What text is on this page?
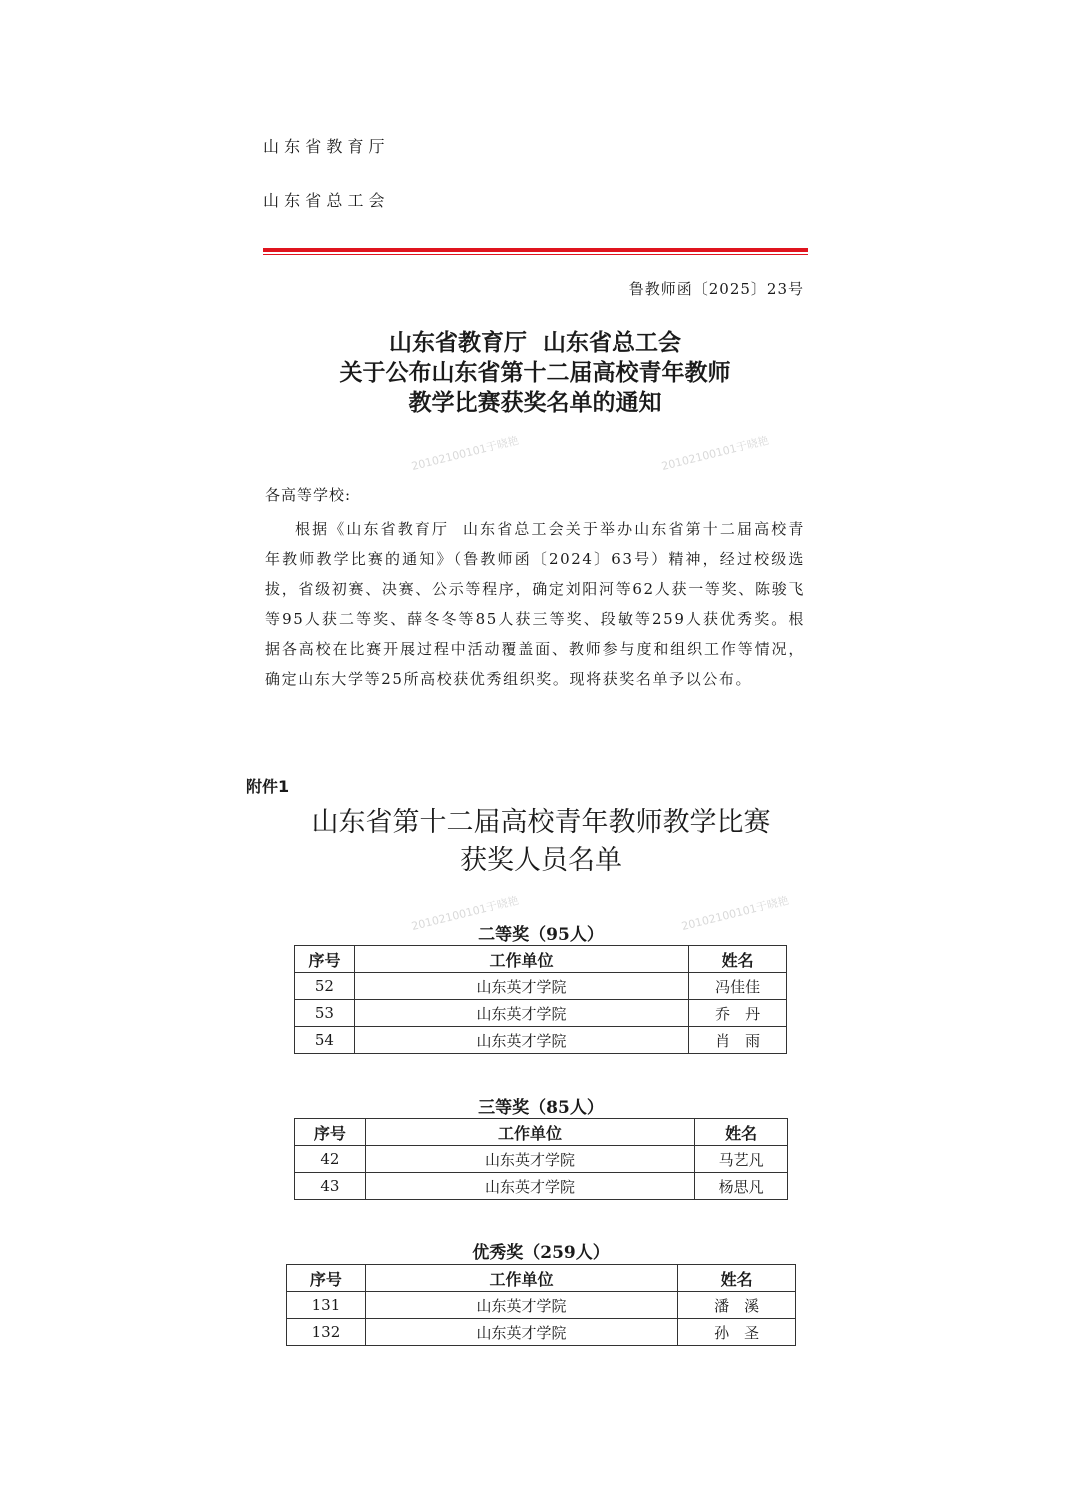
山 东 省 教 育 厅
山 东 省 总 工 会
鲁教师函〔2025〕23号
山东省教育厅  山东省总工会
关于公布山东省第十二届高校青年教师
教学比赛获奖名单的通知
各高等学校:
根据《山东省教育厅  山东省总工会关于举办山东省第十二届高校青年教师教学比赛的通知》（鲁教师函〔2024〕63号）精神，经过校级选拔，省级初赛、决赛、公示等程序，确定刘阳河等62人获一等奖、陈骏飞等95人获二等奖、薛冬冬等85人获三等奖、段敏等259人获优秀奖。根据各高校在比赛开展过程中活动覆盖面、教师参与度和组织工作等情况，确定山东大学等25所高校获优秀组织奖。现将获奖名单予以公布。
附件1
山东省第十二届高校青年教师教学比赛
获奖人员名单
二等奖（95人）
序号	工作单位	姓名
52	山东英才学院	冯佳佳
53	山东英才学院	乔　丹
54	山东英才学院	肖　雨
三等奖（85人）
序号	工作单位	姓名
42	山东英才学院	马艺凡
43	山东英才学院	杨思凡
优秀奖（259人）
序号	工作单位	姓名
131	山东英才学院	潘　溪
132	山东英才学院	孙　圣
20102100101于晓艳	20102100101于晓艳
20102100101于晓艳	20102100101于晓艳
